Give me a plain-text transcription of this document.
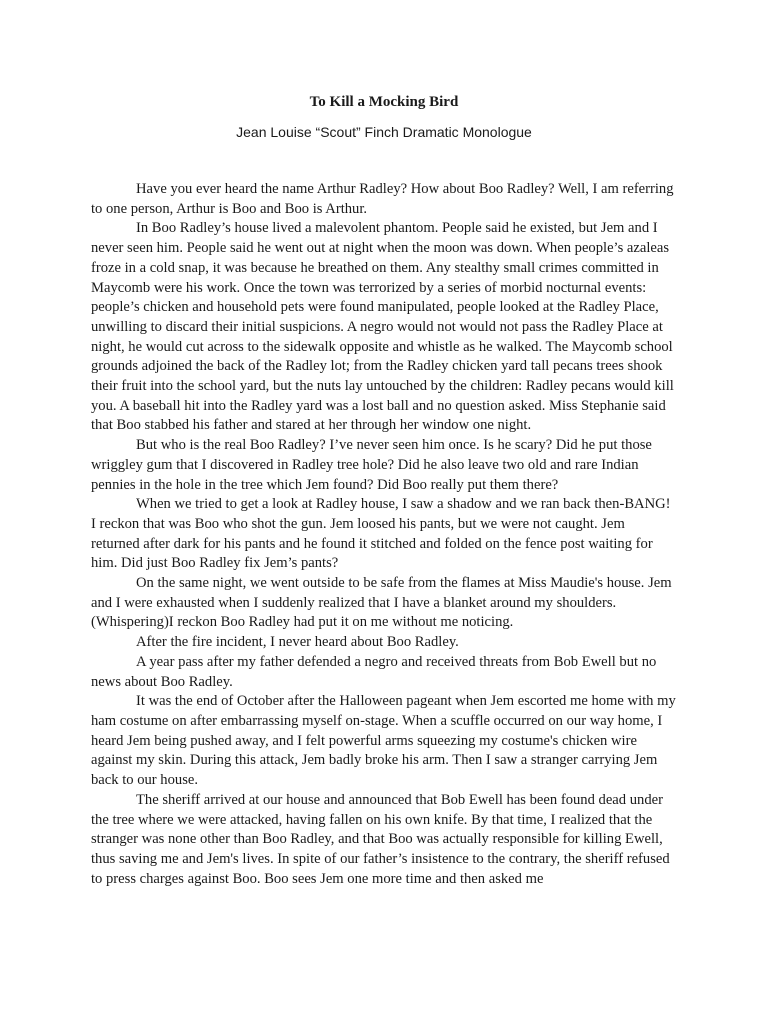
To Kill a Mocking Bird
Jean Louise “Scout” Finch Dramatic Monologue

Have you ever heard the name Arthur Radley? How about Boo Radley? Well, I am referring to one person, Arthur is Boo and Boo is Arthur.

In Boo Radley’s house lived a malevolent phantom. People said he existed, but Jem and I never seen him. People said he went out at night when the moon was down. When people’s azaleas froze in a cold snap, it was because he breathed on them. Any stealthy small crimes committed in Maycomb were his work. Once the town was terrorized by a series of morbid nocturnal events: people’s chicken and household pets were found manipulated, people looked at the Radley Place, unwilling to discard their initial suspicions. A negro would not would not pass the Radley Place at night, he would cut across to the sidewalk opposite and whistle as he walked. The Maycomb school grounds adjoined the back of the Radley lot; from the Radley chicken yard tall pecans trees shook their fruit into the school yard, but the nuts lay untouched by the children: Radley pecans would kill you. A baseball hit into the Radley yard was a lost ball and no question asked. Miss Stephanie said that Boo stabbed his father and stared at her through her window one night.

But who is the real Boo Radley? I’ve never seen him once. Is he scary? Did he put those wriggley gum that I discovered in Radley tree hole? Did he also leave two old and rare Indian pennies in the hole in the tree which Jem found? Did Boo really put them there?

When we tried to get a look at Radley house, I saw a shadow and we ran back then-BANG! I reckon that was Boo who shot the gun. Jem loosed his pants, but we were not caught. Jem returned after dark for his pants and he found it stitched and folded on the fence post waiting for him. Did just Boo Radley fix Jem’s pants?

On the same night, we went outside to be safe from the flames at Miss Maudie's house. Jem and I were exhausted when I suddenly realized that I have a blanket around my shoulders. (Whispering)I reckon Boo Radley had put it on me without me noticing.

After the fire incident, I never heard about Boo Radley.

A year pass after my father defended a negro and received threats from Bob Ewell but no news about Boo Radley.

It was the end of October after the Halloween pageant when Jem escorted me home with my ham costume on after embarrassing myself on-stage. When a scuffle occurred on our way home, I heard Jem being pushed away, and I felt powerful arms squeezing my costume's chicken wire against my skin. During this attack, Jem badly broke his arm. Then I saw a stranger carrying Jem back to our house.

The sheriff arrived at our house and announced that Bob Ewell has been found dead under the tree where we were attacked, having fallen on his own knife. By that time, I realized that the stranger was none other than Boo Radley, and that Boo was actually responsible for killing Ewell, thus saving me and Jem's lives. In spite of our father’s insistence to the contrary, the sheriff refused to press charges against Boo. Boo sees Jem one more time and then asked me
